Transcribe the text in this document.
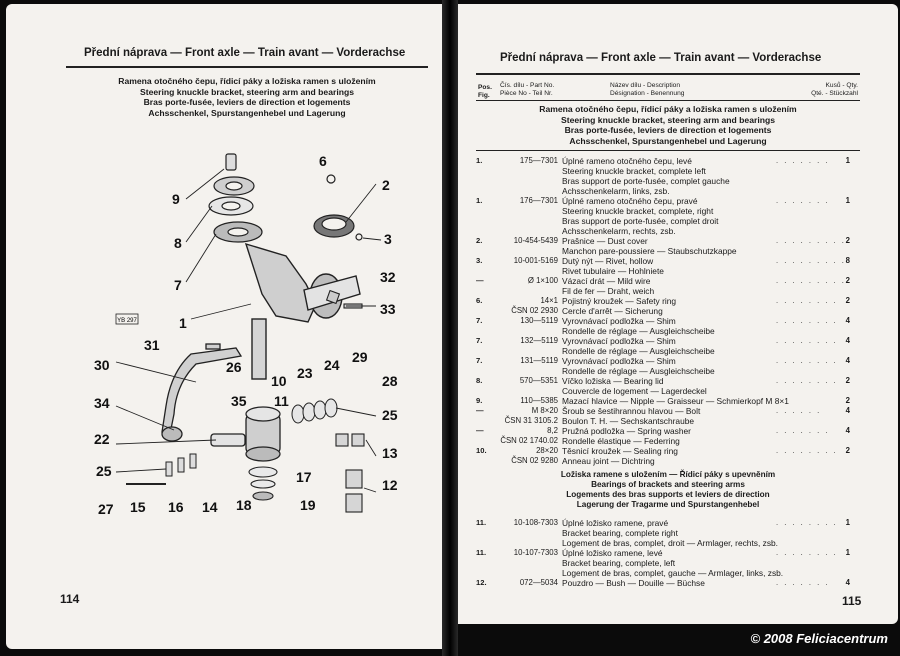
Přední náprava — Front axle — Train avant — Vorderachse
Ramena otočného čepu, řídicí páky a ložiska ramen s uložením
Steering knuckle bracket, steering arm and bearings
Bras porte-fusée, leviers de direction et logements
Achsschenkel, Spurstangenhebel und Lagerung
YB 297
9
6
8
2
3
7	32
33
1
31
26
30
35
10 23 24 29
28
34	11
25
22
13
25	17	12
27 15 16 14 18	19
114
Přední náprava — Front axle — Train avant — Vorderachse
Pos.
Fig.
Čís. dílu - Part No.
Pièce No - Teil Nr.
Název dílu - Description
Désignation - Benennung
Kusů - Qty.
Qté. - Stückzahl
Ramena otočného čepu, řídicí páky a ložiska ramen s uložením
Steering knuckle bracket, steering arm and bearings
Bras porte-fusée, leviers de direction et logements
Achsschenkel, Spurstangenhebel und Lagerung
1.	175—7301 Úplné rameno otočného čepu, levé	. . . . . . .	1
Steering knuckle bracket, complete left
Bras support de porte-fusée, complet gauche
Achsschenkelarm, links, zsb.
1.	176—7301 Úplné rameno otočného čepu, pravé	. . . . . . .	1
Steering knuckle bracket, complete, right
Bras support de porte-fusée, complet droit
Achsschenkelarm, rechts, zsb.
2.	10-454-5439 Prašnice — Dust cover	. . . . . . . . . 2
Manchon pare-poussiere — Staubschutzkappe
3.	10-001-5169 Dutý nýt — Rivet, hollow	. . . . . . . . . 8
Rivet tubulaire — Hohlniete
—	Ø 1×100 Vázací drát — Mild wire	. . . . . . . . . 2
Fil de fer — Draht, weich
6.	14×1 Pojistný kroužek — Safety ring	. . . . . . . .	2
ČSN 02 2930 Cercle d'arrêt — Sicherung
7.	130—5119 Vyrovnávací podložka — Shim	. . . . . . . .	4
Rondelle de réglage — Ausgleichscheibe
7.	132—5119 Vyrovnávací podložka — Shim	. . . . . . . .	4
Rondelle de réglage — Ausgleichscheibe
7.	131—5119 Vyrovnávací podložka — Shim	. . . . . . . .	4
Rondelle de réglage — Ausgleichscheibe
8.	570—5351 Víčko ložiska — Bearing lid	. . . . . . . .	2
Couvercle de logement — Lagerdeckel
9.	110—5385 Mazací hlavice — Nipple — Graisseur — Schmierkopf M 8×1	2
—	M 8×20 Šroub se šestihrannou hlavou — Bolt	. . . . . .	4
ČSN 31 3105.2 Boulon T. H. — Sechskantschraube
—	8,2 Pružná podložka — Spring washer	. . . . . . .	4
ČSN 02 1740.02 Rondelle élastique — Federring
10.	28×20 Těsnicí kroužek — Sealing ring	. . . . . . . .	2
ČSN 02 9280 Anneau joint — Dichtring
Ložiska ramene s uložením — Řídicí páky s upevněním
Bearings of brackets and steering arms
Logements des bras supports et leviers de direction
Lagerung der Tragarme und Spurstangenhebel
11.	10-108-7303 Úplné ložisko ramene, pravé	. . . . . . . .	1
Bracket bearing, complete right
Logement de bras, complet, droit — Armlager, rechts, zsb.
11.	10-107-7303 Úplné ložisko ramene, levé	. . . . . . . .	1
Bracket bearing, complete, left
Logement de bras, complet, gauche — Armlager, links, zsb.
12.	072—5034 Pouzdro — Bush — Douille — Büchse	. . . . . . .	4
115
© 2008 Feliciacentrum
